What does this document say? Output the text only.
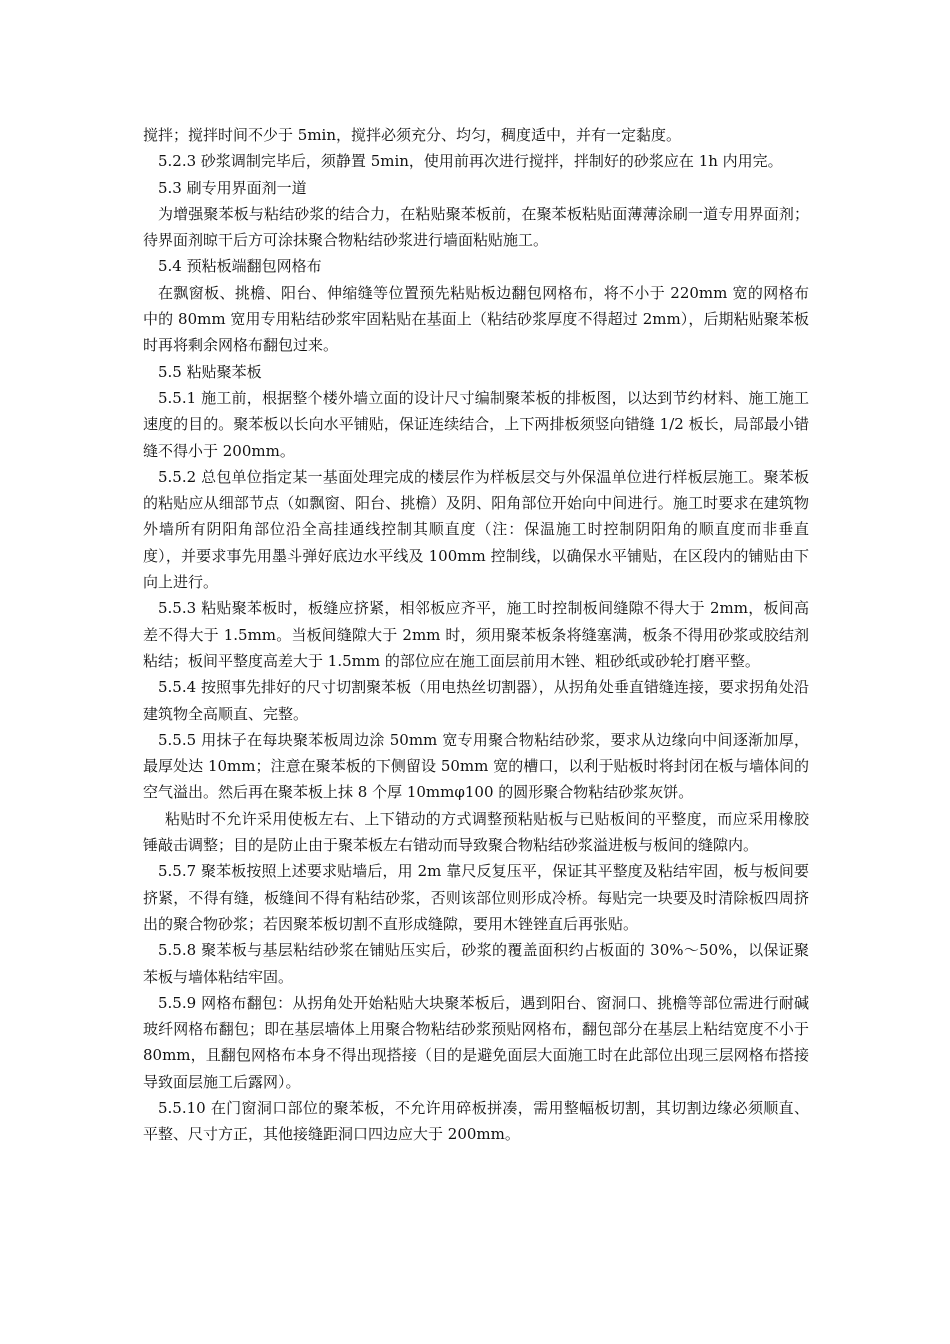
搅拌；搅拌时间不少于 5min，搅拌必须充分、均匀，稠度适中，并有一定黏度。

5.2.3 砂浆调制完毕后，须静置 5min，使用前再次进行搅拌，拌制好的砂浆应在 1h 内用完。

5.3 刷专用界面剂一道

为增强聚苯板与粘结砂浆的结合力，在粘贴聚苯板前，在聚苯板粘贴面薄薄涂刷一道专用界面剂；待界面剂晾干后方可涂抹聚合物粘结砂浆进行墙面粘贴施工。

5.4 预粘板端翻包网格布

在飘窗板、挑檐、阳台、伸缩缝等位置预先粘贴板边翻包网格布，将不小于 220mm 宽的网格布中的 80mm 宽用专用粘结砂浆牢固粘贴在基面上（粘结砂浆厚度不得超过 2mm），后期粘贴聚苯板时再将剩余网格布翻包过来。

5.5 粘贴聚苯板

5.5.1 施工前，根据整个楼外墙立面的设计尺寸编制聚苯板的排板图，以达到节约材料、施工施工速度的目的。聚苯板以长向水平铺贴，保证连续结合，上下两排板须竖向错缝 1/2 板长，局部最小错缝不得小于 200mm。

5.5.2 总包单位指定某一基面处理完成的楼层作为样板层交与外保温单位进行样板层施工。聚苯板的粘贴应从细部节点（如飘窗、阳台、挑檐）及阴、阳角部位开始向中间进行。施工时要求在建筑物外墙所有阴阳角部位沿全高挂通线控制其顺直度（注：保温施工时控制阴阳角的顺直度而非垂直度），并要求事先用墨斗弹好底边水平线及 100mm 控制线，以确保水平铺贴，在区段内的铺贴由下向上进行。

5.5.3 粘贴聚苯板时，板缝应挤紧，相邻板应齐平，施工时控制板间缝隙不得大于 2mm，板间高差不得大于 1.5mm。当板间缝隙大于 2mm 时，须用聚苯板条将缝塞满，板条不得用砂浆或胶结剂粘结；板间平整度高差大于 1.5mm 的部位应在施工面层前用木锉、粗砂纸或砂轮打磨平整。

5.5.4 按照事先排好的尺寸切割聚苯板（用电热丝切割器），从拐角处垂直错缝连接，要求拐角处沿建筑物全高顺直、完整。

5.5.5 用抹子在每块聚苯板周边涂 50mm 宽专用聚合物粘结砂浆，要求从边缘向中间逐渐加厚，最厚处达 10mm；注意在聚苯板的下侧留设 50mm 宽的槽口，以利于贴板时将封闭在板与墙体间的空气溢出。然后再在聚苯板上抹 8 个厚 10mmφ100 的圆形聚合物粘结砂浆灰饼。

粘贴时不允许采用使板左右、上下错动的方式调整预粘贴板与已贴板间的平整度，而应采用橡胶锤敲击调整；目的是防止由于聚苯板左右错动而导致聚合物粘结砂浆溢进板与板间的缝隙内。

5.5.7 聚苯板按照上述要求贴墙后，用 2m 靠尺反复压平，保证其平整度及粘结牢固，板与板间要挤紧，不得有缝，板缝间不得有粘结砂浆，否则该部位则形成冷桥。每贴完一块要及时清除板四周挤出的聚合物砂浆；若因聚苯板切割不直形成缝隙，要用木锉锉直后再张贴。

5.5.8 聚苯板与基层粘结砂浆在铺贴压实后，砂浆的覆盖面积约占板面的 30%～50%，以保证聚苯板与墙体粘结牢固。

5.5.9 网格布翻包：从拐角处开始粘贴大块聚苯板后，遇到阳台、窗洞口、挑檐等部位需进行耐碱玻纤网格布翻包；即在基层墙体上用聚合物粘结砂浆预贴网格布，翻包部分在基层上粘结宽度不小于 80mm，且翻包网格布本身不得出现搭接（目的是避免面层大面施工时在此部位出现三层网格布搭接导致面层施工后露网）。

5.5.10 在门窗洞口部位的聚苯板，不允许用碎板拼凑，需用整幅板切割，其切割边缘必须顺直、平整、尺寸方正，其他接缝距洞口四边应大于 200mm。
